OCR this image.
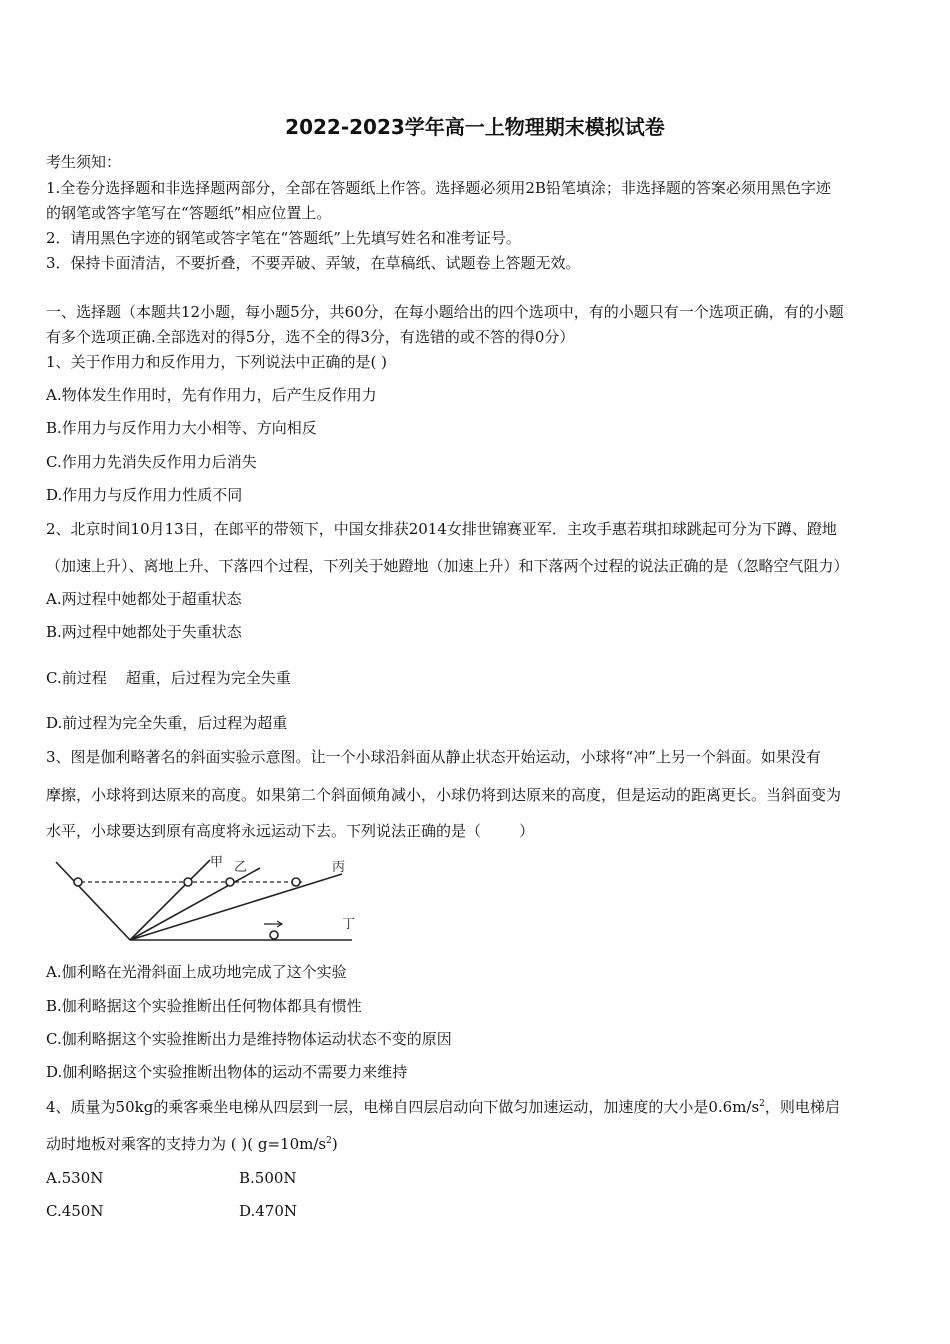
2022-2023学年高一上物理期末模拟试卷
考生须知：
1.全卷分选择题和非选择题两部分，全部在答题纸上作答。选择题必须用2B铅笔填涂；非选择题的答案必须用黑色字迹
的钢笔或答字笔写在“答题纸”相应位置上。
2．请用黑色字迹的钢笔或答字笔在“答题纸”上先填写姓名和准考证号。
3．保持卡面清洁，不要折叠，不要弄破、弄皱，在草稿纸、试题卷上答题无效。
一、选择题（本题共12小题，每小题5分，共60分，在每小题给出的四个选项中，有的小题只有一个选项正确，有的小题
有多个选项正确.全部选对的得5分，选不全的得3分，有选错的或不答的得0分）
1、关于作用力和反作用力，下列说法中正确的是( )
A.物体发生作用时，先有作用力，后产生反作用力
B.作用力与反作用力大小相等、方向相反
C.作用力先消失反作用力后消失
D.作用力与反作用力性质不同
2、北京时间10月13日，在郎平的带领下，中国女排获2014女排世锦赛亚军．主攻手惠若琪扣球跳起可分为下蹲、蹬地
（加速上升）、离地上升、下落四个过程，下列关于她蹬地（加速上升）和下落两个过程的说法正确的是（忽略空气阻力）
A.两过程中她都处于超重状态
B.两过程中她都处于失重状态
C.前过程    超重，后过程为完全失重
D.前过程为完全失重，后过程为超重
3、图是伽利略著名的斜面实验示意图。让一个小球沿斜面从静止状态开始运动，小球将“冲”上另一个斜面。如果没有
摩擦，小球将到达原来的高度。如果第二个斜面倾角减小，小球仍将到达原来的高度，但是运动的距离更长。当斜面变为
水平，小球要达到原有高度将永远运动下去。下列说法正确的是（        ）
甲 乙	丙
丁
A.伽利略在光滑斜面上成功地完成了这个实验
B.伽利略据这个实验推断出任何物体都具有惯性
C.伽利略据这个实验推断出力是维持物体运动状态不变的原因
D.伽利略据这个实验推断出物体的运动不需要力来维持
4、质量为50kg的乘客乘坐电梯从四层到一层，电梯自四层启动向下做匀加速运动，加速度的大小是$0.6m/s^2$，则电梯启
动时地板对乘客的支持力为 ( )( $g=10m/s^2$)
A.530N	B.500N
C.450N	D.470N
